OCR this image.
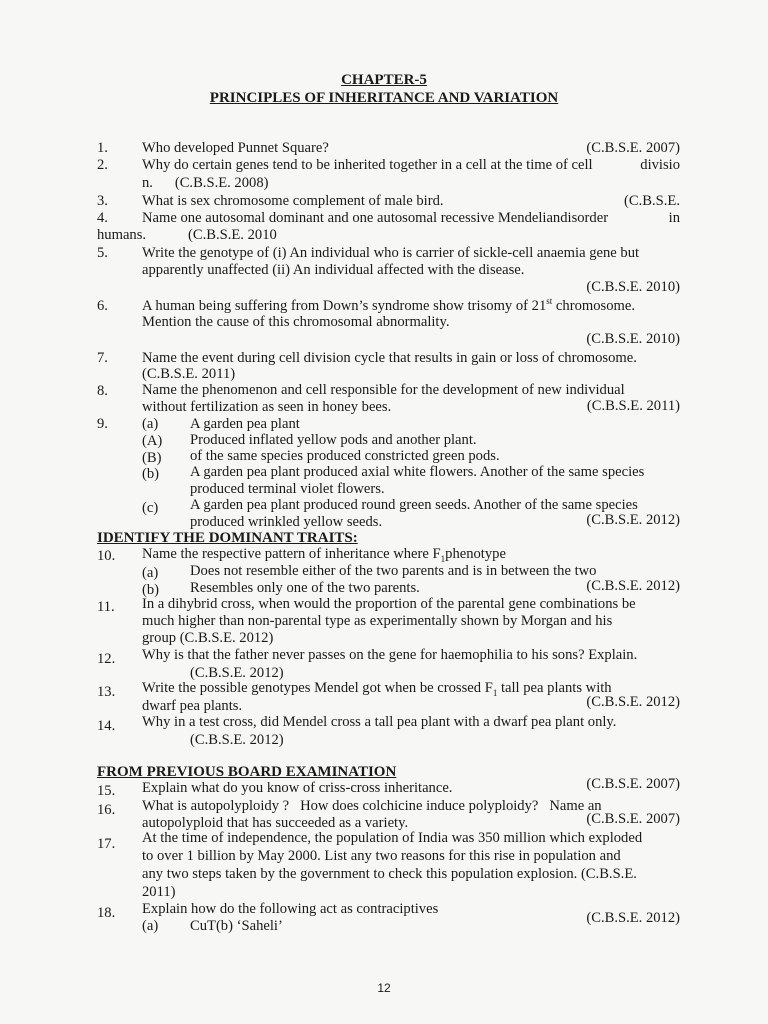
CHAPTER-5
PRINCIPLES OF INHERITANCE AND VARIATION
1. Who developed Punnet Square?	(C.B.S.E. 2007)
2. Why do certain genes tend to be inherited together in a cell at the time of cell	divisio
n.      (C.B.S.E. 2008)
3. What is sex chromosome complement of male bird.	(C.B.S.E.
4. Name one autosomal dominant and one autosomal recessive Mendeliandisorder	in
humans.	(C.B.S.E. 2010
5. Write the genotype of (i) An individual who is carrier of sickle-cell anaemia gene but
apparently unaffected (ii) An individual affected with the disease.
(C.B.S.E. 2010)
6. A human being suffering from Down’s syndrome show trisomy of 21st chromosome.
Mention the cause of this chromosomal abnormality.
(C.B.S.E. 2010)
7. Name the event during cell division cycle that results in gain or loss of chromosome.
(C.B.S.E. 2011)
8. Name the phenomenon and cell responsible for the development of new individual
without fertilization as seen in honey bees.	(C.B.S.E. 2011)
9. (a) A garden pea plant
(A) Produced inflated yellow pods and another plant.
(B) of the same species produced constricted green pods.
(b) A garden pea plant produced axial white flowers. Another of the same species
produced terminal violet flowers.
(c) A garden pea plant produced round green seeds. Another of the same species
produced wrinkled yellow seeds.	(C.B.S.E. 2012)
IDENTIFY THE DOMINANT TRAITS:
10. Name the respective pattern of inheritance where $F_1phenotype$
(a) Does not resemble either of the two parents and is in between the two
(b) Resembles only one of the two parents.	(C.B.S.E. 2012)
11. In a dihybrid cross, when would the proportion of the parental gene combinations be
much higher than non-parental type as experimentally shown by Morgan and his
group (C.B.S.E. 2012)
12. Why is that the father never passes on the gene for haemophilia to his sons? Explain.
(C.B.S.E. 2012)
13. Write the possible genotypes Mendel got when be crossed $F_1$ tall pea plants with
dwarf pea plants.	(C.B.S.E. 2012)
14. Why in a test cross, did Mendel cross a tall pea plant with a dwarf pea plant only.
(C.B.S.E. 2012)
FROM PREVIOUS BOARD EXAMINATION
15. Explain what do you know of criss-cross inheritance.	(C.B.S.E. 2007)
16. What is autopolyploidy ?   How does colchicine induce polyploidy?   Name an
autopolyploid that has succeeded as a variety.	(C.B.S.E. 2007)
17. At the time of independence, the population of India was 350 million which exploded
to over 1 billion by May 2000. List any two reasons for this rise in population and
any two steps taken by the government to check this population explosion. (C.B.S.E.
2011)
18. Explain how do the following act as contraciptives
(a) CuT(b) ‘Saheli’	(C.B.S.E. 2012)
12
